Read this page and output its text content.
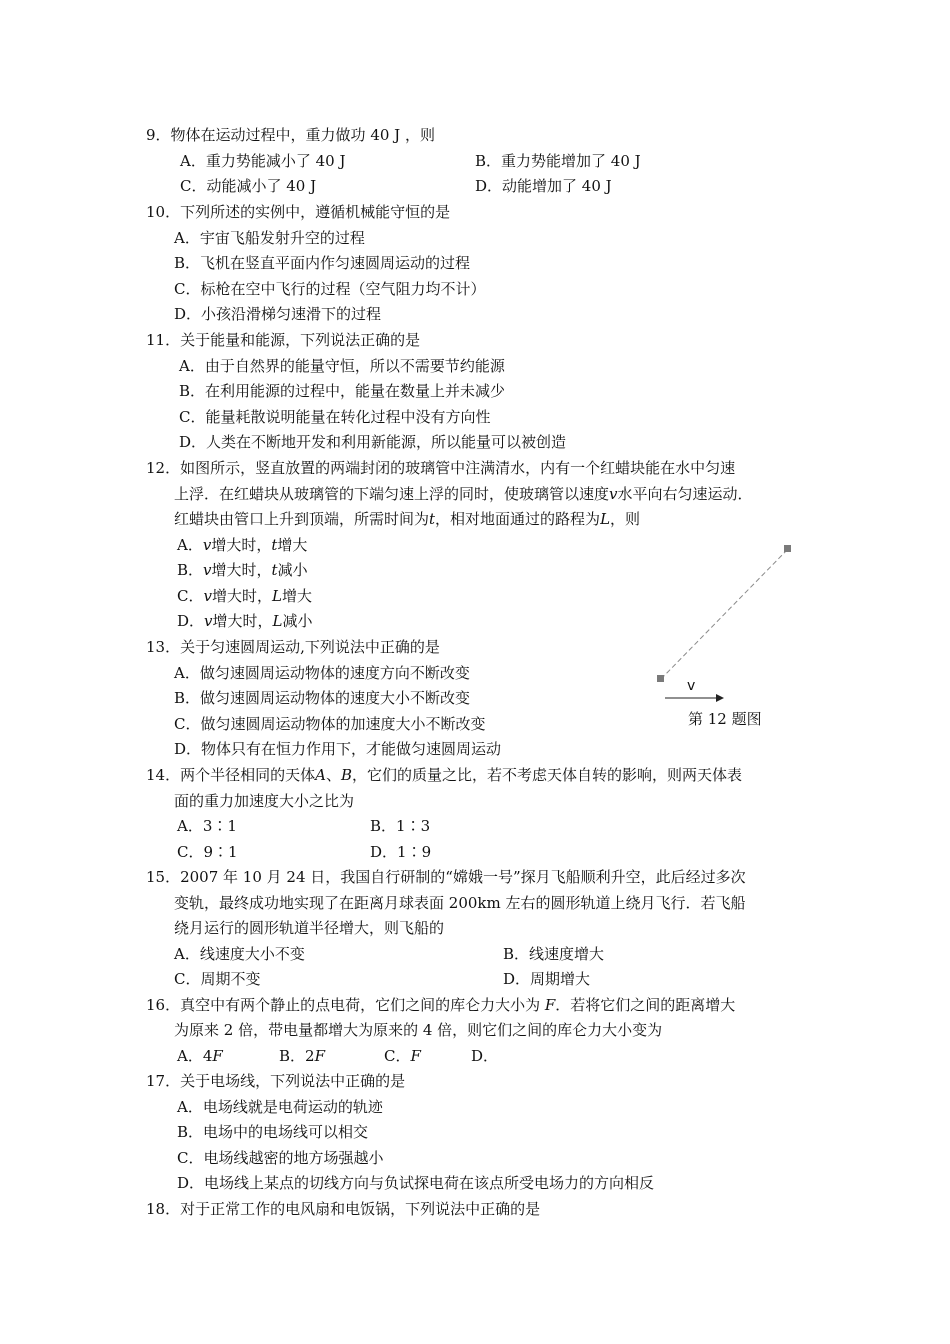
9．物体在运动过程中，重力做功 40 J ，则
A．重力势能减小了 40 J	B．重力势能增加了 40 J
C．动能减小了 40 J	D．动能增加了 40 J
10．下列所述的实例中，遵循机械能守恒的是
A．宇宙飞船发射升空的过程
B．飞机在竖直平面内作匀速圆周运动的过程
C．标枪在空中飞行的过程（空气阻力均不计）
D．小孩沿滑梯匀速滑下的过程
11．关于能量和能源，下列说法正确的是
A．由于自然界的能量守恒，所以不需要节约能源
B．在利用能源的过程中，能量在数量上并未减少
C．能量耗散说明能量在转化过程中没有方向性
D．人类在不断地开发和利用新能源，所以能量可以被创造
12．如图所示，竖直放置的两端封闭的玻璃管中注满清水，内有一个红蜡块能在水中匀速
上浮．在红蜡块从玻璃管的下端匀速上浮的同时，使玻璃管以速度v水平向右匀速运动．
红蜡块由管口上升到顶端，所需时间为t，相对地面通过的路程为L，则
A．v增大时，t增大
B．v增大时，t减小
C．v增大时，L增大
D．v增大时，L减小
v
第 12 题图
13．关于匀速圆周运动,下列说法中正确的是
A．做匀速圆周运动物体的速度方向不断改变
B．做匀速圆周运动物体的速度大小不断改变
C．做匀速圆周运动物体的加速度大小不断改变
D．物体只有在恒力作用下，才能做匀速圆周运动
14．两个半径相同的天体A、B，它们的质量之比，若不考虑天体自转的影响，则两天体表
面的重力加速度大小之比为
A．3∶1	B．1∶3
C．9∶1	D．1∶9
15．2007 年 10 月 24 日，我国自行研制的“嫦娥一号”探月飞船顺利升空，此后经过多次
变轨，最终成功地实现了在距离月球表面 200km 左右的圆形轨道上绕月飞行．若飞船
绕月运行的圆形轨道半径增大，则飞船的
A．线速度大小不变	B．线速度增大
C．周期不变	D．周期增大
16．真空中有两个静止的点电荷，它们之间的库仑力大小为 F．若将它们之间的距离增大
为原来 2 倍，带电量都增大为原来的 4 倍，则它们之间的库仑力大小变为
A．4F	B．2F	C．F	D．
17．关于电场线，下列说法中正确的是
A．电场线就是电荷运动的轨迹
B．电场中的电场线可以相交
C．电场线越密的地方场强越小
D．电场线上某点的切线方向与负试探电荷在该点所受电场力的方向相反
18．对于正常工作的电风扇和电饭锅，下列说法中正确的是
